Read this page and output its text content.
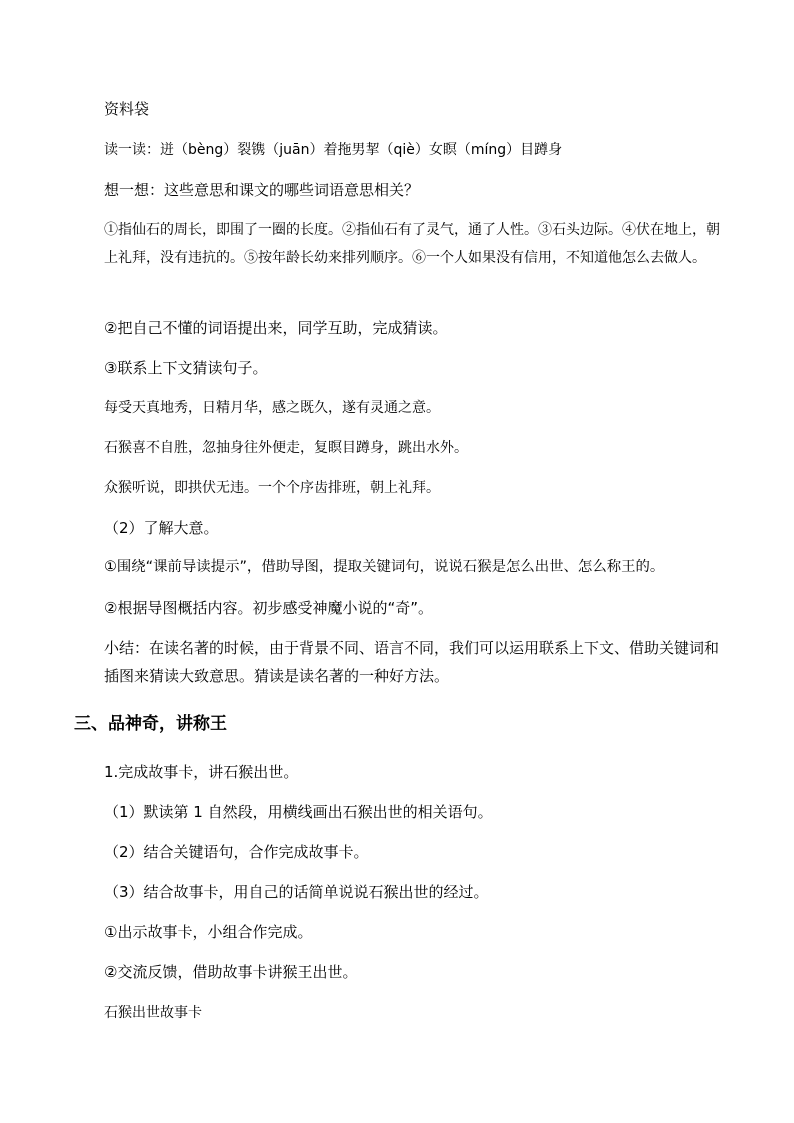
资料袋
读一读：迸（bèng）裂镌（juān）着拖男挈（qiè）女瞑（míng）目蹲身
想一想：这些意思和课文的哪些词语意思相关？
①指仙石的周长，即围了一圈的长度。②指仙石有了灵气，通了人性。③石头边际。④伏在地上，朝上礼拜，没有违抗的。⑤按年龄长幼来排列顺序。⑥一个人如果没有信用，不知道他怎么去做人。
②把自己不懂的词语提出来，同学互助，完成猜读。
③联系上下文猜读句子。
每受天真地秀，日精月华，感之既久，遂有灵通之意。
石猴喜不自胜，忽抽身往外便走，复瞑目蹲身，跳出水外。
众猴听说，即拱伏无违。一个个序齿排班，朝上礼拜。
（2）了解大意。
①围绕“课前导读提示”，借助导图，提取关键词句，说说石猴是怎么出世、怎么称王的。
②根据导图概括内容。初步感受神魔小说的“奇”。
小结：在读名著的时候，由于背景不同、语言不同，我们可以运用联系上下文、借助关键词和插图来猜读大致意思。猜读是读名著的一种好方法。
三、品神奇，讲称王
1.完成故事卡，讲石猴出世。
（1）默读第 1 自然段，用横线画出石猴出世的相关语句。
（2）结合关键语句，合作完成故事卡。
（3）结合故事卡，用自己的话简单说说石猴出世的经过。
①出示故事卡，小组合作完成。
②交流反馈，借助故事卡讲猴王出世。
石猴出世故事卡
